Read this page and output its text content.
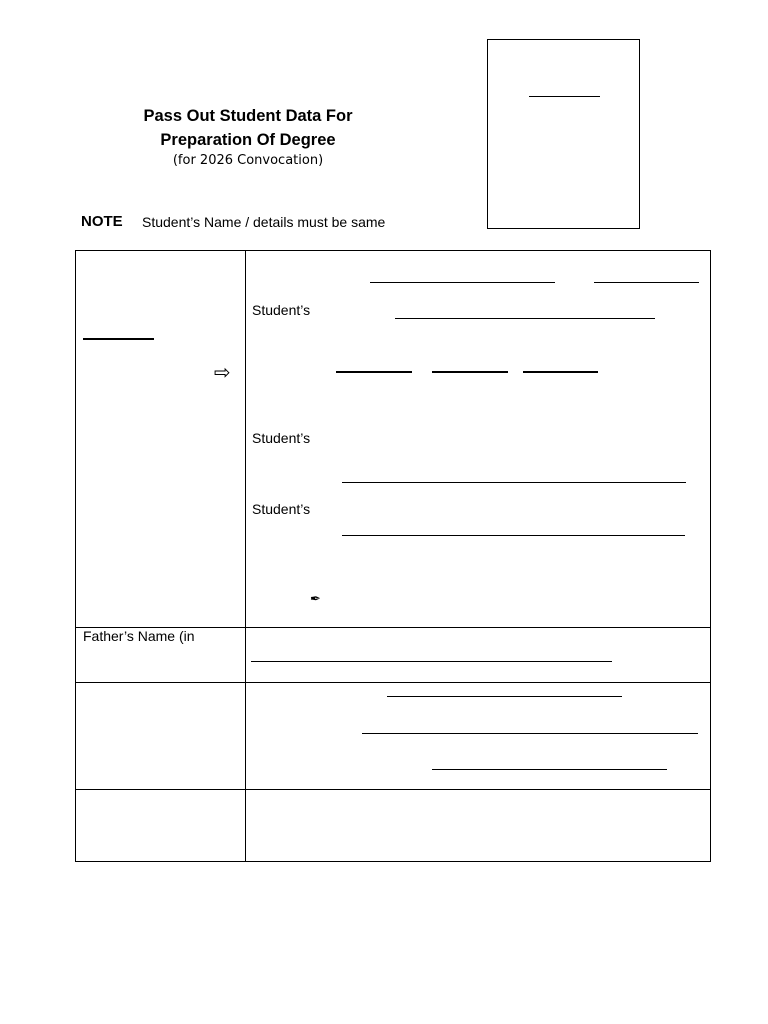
Pass Out Student Data For
Preparation Of Degree
(for 2026 Convocation)
NOTE Student’s Name / details must be same
⇨
Student’s
Student’s
Student’s
✒
Father’s Name (in
